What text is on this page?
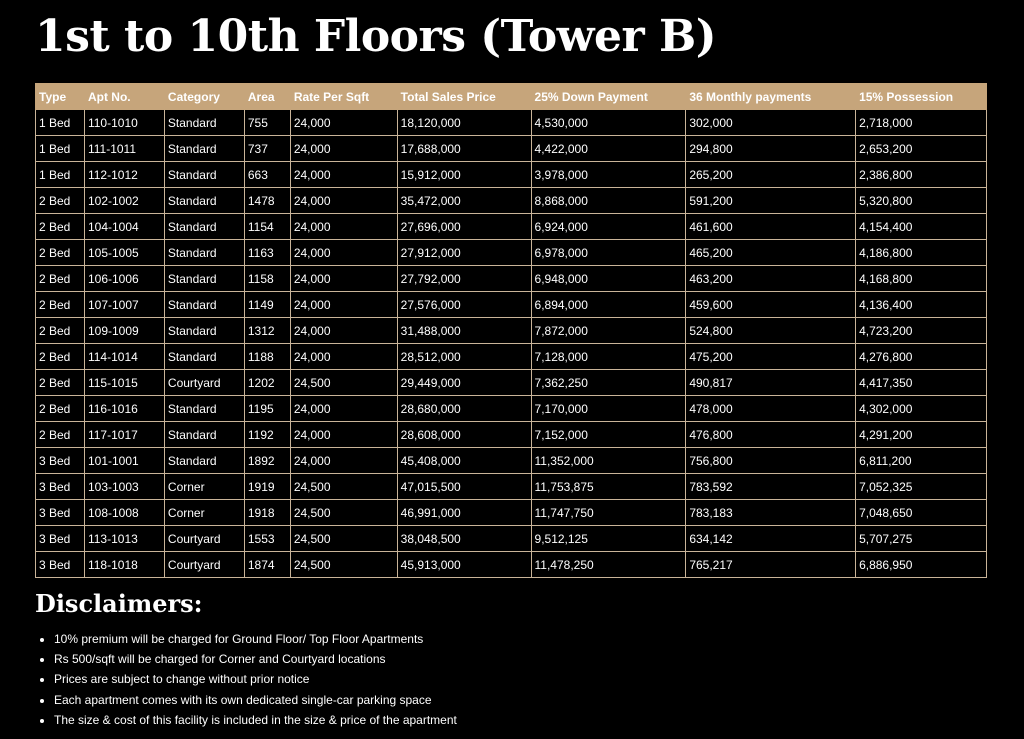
1st to 10th Floors (Tower B)
Type	Apt No.	Category	Area	Rate Per Sqft	Total Sales Price	25% Down Payment	36 Monthly payments	15% Possession
1 Bed	110-1010	Standard	755	24,000	18,120,000	4,530,000	302,000	2,718,000
1 Bed	111-1011	Standard	737	24,000	17,688,000	4,422,000	294,800	2,653,200
1 Bed	112-1012	Standard	663	24,000	15,912,000	3,978,000	265,200	2,386,800
2 Bed	102-1002	Standard	1478	24,000	35,472,000	8,868,000	591,200	5,320,800
2 Bed	104-1004	Standard	1154	24,000	27,696,000	6,924,000	461,600	4,154,400
2 Bed	105-1005	Standard	1163	24,000	27,912,000	6,978,000	465,200	4,186,800
2 Bed	106-1006	Standard	1158	24,000	27,792,000	6,948,000	463,200	4,168,800
2 Bed	107-1007	Standard	1149	24,000	27,576,000	6,894,000	459,600	4,136,400
2 Bed	109-1009	Standard	1312	24,000	31,488,000	7,872,000	524,800	4,723,200
2 Bed	114-1014	Standard	1188	24,000	28,512,000	7,128,000	475,200	4,276,800
2 Bed	115-1015	Courtyard	1202	24,500	29,449,000	7,362,250	490,817	4,417,350
2 Bed	116-1016	Standard	1195	24,000	28,680,000	7,170,000	478,000	4,302,000
2 Bed	117-1017	Standard	1192	24,000	28,608,000	7,152,000	476,800	4,291,200
3 Bed	101-1001	Standard	1892	24,000	45,408,000	11,352,000	756,800	6,811,200
3 Bed	103-1003	Corner	1919	24,500	47,015,500	11,753,875	783,592	7,052,325
3 Bed	108-1008	Corner	1918	24,500	46,991,000	11,747,750	783,183	7,048,650
3 Bed	113-1013	Courtyard	1553	24,500	38,048,500	9,512,125	634,142	5,707,275
3 Bed	118-1018	Courtyard	1874	24,500	45,913,000	11,478,250	765,217	6,886,950
Disclaimers:
• 10% premium will be charged for Ground Floor/ Top Floor Apartments
• Rs 500/sqft will be charged for Corner and Courtyard locations
• Prices are subject to change without prior notice
• Each apartment comes with its own dedicated single-car parking space
• The size & cost of this facility is included in the size & price of the apartment
